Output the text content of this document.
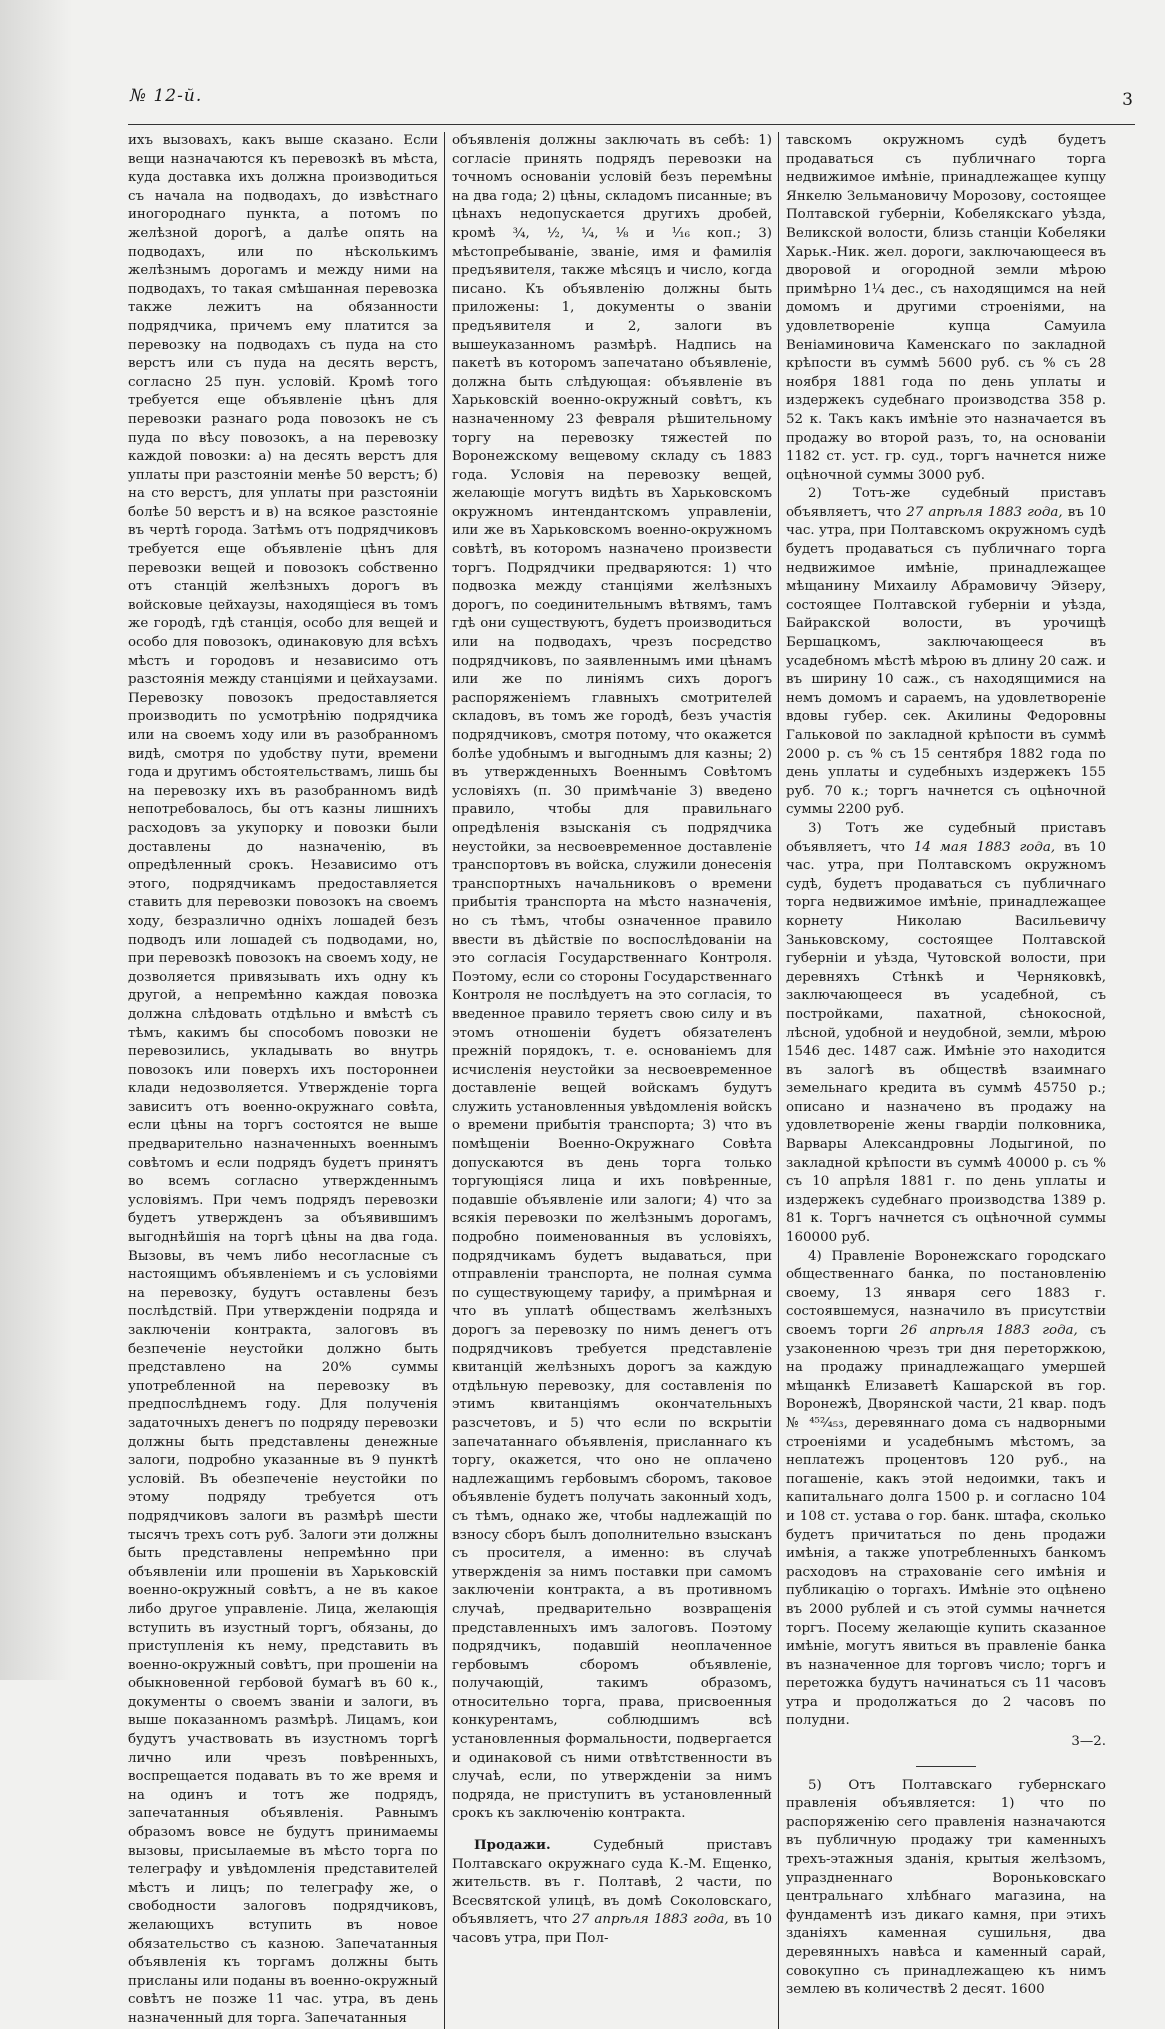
№ 12-й.	3

ихъ вызовахъ, какъ выше сказано. Если вещи назначаются къ перевозкѣ въ мѣста, куда доставка ихъ должна производиться съ начала на подводахъ, до извѣстнаго иногороднаго пункта, а потомъ по желѣзной дорогѣ, а далѣе опять на подводахъ, или по нѣсколькимъ желѣзнымъ дорогамъ и между ними на подводахъ, то такая смѣшанная перевозка также лежитъ на обязанности подрядчика, причемъ ему платится за перевозку на подводахъ съ пуда на сто верстъ или съ пуда на десять верстъ, согласно 25 пун. условій. Кромѣ того требуется еще объявленіе цѣнъ для перевозки разнаго рода повозокъ не съ пуда по вѣсу повозокъ, а на перевозку каждой повозки: а) на десять верстъ для уплаты при разстояніи менѣе 50 верстъ; б) на сто верстъ, для уплаты при разстояніи болѣе 50 верстъ и в) на всякое разстояніе въ чертѣ города. Затѣмъ отъ подрядчиковъ требуется еще объявленіе цѣнъ для перевозки вещей и повозокъ собственно отъ станцій желѣзныхъ дорогъ въ войсковые цейхаузы, находящіеся въ томъ же городѣ, гдѣ станція, особо для вещей и особо для повозокъ, одинаковую для всѣхъ мѣстъ и городовъ и независимо отъ разстоянія между станціями и цейхаузами. Перевозку повозокъ предоставляется производить по усмотрѣнію подрядчика или на своемъ ходу или въ разобранномъ видѣ, смотря по удобству пути, времени года и другимъ обстоятельствамъ, лишь бы на перевозку ихъ въ разобранномъ видѣ непотребовалось, бы отъ казны лишнихъ расходовъ за укупорку и повозки были доставлены до назначенію, въ опредѣленный срокъ. Независимо отъ этого, подрядчикамъ предоставляется ставить для перевозки повозокъ на своемъ ходу, безразлично одніхъ лошадей безъ подводъ или лошадей съ подводами, но, при перевозкѣ повозокъ на своемъ ходу, не дозволяется привязывать ихъ одну къ другой, а непремѣнно каждая повозка должна слѣдовать отдѣльно и вмѣстѣ съ тѣмъ, какимъ бы способомъ повозки не перевозились, укладывать во внутрь повозокъ или поверхъ ихъ постороннеи клади недозволяется. Утвержденіе торга зависитъ отъ военно-окружнаго совѣта, если цѣны на торгъ состоятся не выше предварительно назначенныхъ военнымъ совѣтомъ и если подрядъ будетъ принятъ во всемъ согласно утвержденнымъ условіямъ. При чемъ подрядъ перевозки будетъ утвержденъ за объявившимъ выгоднѣйшія на торгѣ цѣны на два года. Вызовы, въ чемъ либо несогласные съ настоящимъ объявленіемъ и съ условіями на перевозку, будутъ оставлены безъ послѣдствій. При утвержденіи подряда и заключеніи контракта, залоговъ въ безпеченіе неустойки должно быть представлено на 20% суммы употребленной на перевозку въ предпослѣднемъ году. Для полученія задаточныхъ денегъ по подряду перевозки должны быть представлены денежные залоги, подробно указанные въ 9 пунктѣ условій. Въ обезпеченіе неустойки по этому подряду требуется отъ подрядчиковъ залоги въ размѣрѣ шести тысячъ трехъ сотъ руб. Залоги эти должны быть представлены непремѣнно при объявленіи или прошеніи въ Харьковскій военно-окружный совѣтъ, а не въ какое либо другое управленіе. Лица, желающія вступить въ изустный торгъ, обязаны, до приступленія къ нему, представить въ военно-окружный совѣтъ, при прошеніи на обыкновенной гербовой бумагѣ въ 60 к., документы о своемъ званіи и залоги, въ выше показанномъ размѣрѣ. Лицамъ, кои будутъ участвовать въ изустномъ торгѣ лично или чрезъ повѣренныхъ, воспрещается подавать въ то же время и на одинъ и тотъ же подрядъ, запечатанныя объявленія. Равнымъ образомъ вовсе не будутъ принимаемы вызовы, присылаемые въ мѣсто торга по телеграфу и увѣдомленія представителей мѣстъ и лицъ; по телеграфу же, о свободности залоговъ подрядчиковъ, желающихъ вступить въ новое обязательство съ казною. Запечатанныя объявленія къ торгамъ должны быть присланы или поданы въ военно-окружный совѣтъ не позже 11 час. утра, въ день назначенный для торга. Запечатанныя

объявленія должны заключать въ себѣ: 1) согласіе принять подрядъ перевозки на точномъ основаніи условій безъ перемѣны на два года; 2) цѣны, складомъ писанные; въ цѣнахъ недопускается другихъ дробей, кромѣ ¾, ½, ¼, ⅛ и ¹⁄₁₆ коп.; 3) мѣстопребываніе, званіе, имя и фамилія предъявителя, также мѣсяцъ и число, когда писано. Къ объявленію должны быть приложены: 1, документы о званіи предъявителя и 2, залоги въ вышеуказанномъ размѣрѣ. Надпись на пакетѣ въ которомъ запечатано объявленіе, должна быть слѣдующая: объявленіе въ Харьковскій военно-окружный совѣтъ, къ назначенному 23 февраля рѣшительному торгу на перевозку тяжестей по Воронежскому вещевому складу съ 1883 года. Условія на перевозку вещей, желающіе могутъ видѣть въ Харьковскомъ окружномъ интендантскомъ управленіи, или же въ Харьковскомъ военно-окружномъ совѣтѣ, въ которомъ назначено произвести торгъ. Подрядчики предваряются: 1) что подвозка между станціями желѣзныхъ дорогъ, по соединительнымъ вѣтвямъ, тамъ гдѣ они существуютъ, будетъ производиться или на подводахъ, чрезъ посредство подрядчиковъ, по заявленнымъ ими цѣнамъ или же по линіямъ сихъ дорогъ распоряженіемъ главныхъ смотрителей складовъ, въ томъ же городѣ, безъ участія подрядчиковъ, смотря потому, что окажется болѣе удобнымъ и выгоднымъ для казны; 2) въ утвержденныхъ Военнымъ Совѣтомъ условіяхъ (п. 30 примѣчаніе 3) введено правило, чтобы для правильнаго опредѣленія взысканія съ подрядчика неустойки, за несвоевременное доставленіе транспортовъ въ войска, служили донесенія транспортныхъ начальниковъ о времени прибытія транспорта на мѣсто назначенія, но съ тѣмъ, чтобы означенное правило ввести въ дѣйствіе по воспослѣдованіи на это согласія Государственнаго Контроля. Поэтому, если со стороны Государственнаго Контроля не послѣдуетъ на это согласія, то введенное правило теряетъ свою силу и въ этомъ отношеніи будетъ обязателенъ прежній порядокъ, т. е. основаніемъ для исчисленія неустойки за несвоевременное доставленіе вещей войскамъ будутъ служить установленныя увѣдомленія войскъ о времени прибытія транспорта; 3) что въ помѣщеніи Военно-Окружнаго Совѣта допускаются въ день торга только торгующіяся лица и ихъ повѣренные, подавшіе объявленіе или залоги; 4) что за всякія перевозки по желѣзнымъ дорогамъ, подробно поименованныя въ условіяхъ, подрядчикамъ будетъ выдаваться, при отправленіи транспорта, не полная сумма по существующему тарифу, а примѣрная и что въ уплатѣ обществамъ желѣзныхъ дорогъ за перевозку по нимъ денегъ отъ подрядчиковъ требуется представленіе квитанцій желѣзныхъ дорогъ за каждую отдѣльную перевозку, для составленія по этимъ квитанціямъ окончательныхъ разсчетовъ, и 5) что если по вскрытіи запечатаннаго объявленія, присланнаго къ торгу, окажется, что оно не оплачено надлежащимъ гербовымъ сборомъ, таковое объявленіе будетъ получать законный ходъ, съ тѣмъ, однако же, чтобы надлежащій по взносу сборъ былъ дополнительно взысканъ съ просителя, а именно: въ случаѣ утвержденія за нимъ поставки при самомъ заключеніи контракта, а въ противномъ случаѣ, предварительно возвращенія представленныхъ имъ залоговъ. Поэтому подрядчикъ, подавшій неоплаченное гербовымъ сборомъ объявленіе, получающій, такимъ образомъ, относительно торга, права, присвоенныя конкурентамъ, соблюдшимъ всѣ установленныя формальности, подвергается и одинаковой съ ними отвѣтственности въ случаѣ, если, по утвержденіи за нимъ подряда, не приступитъ въ установленный срокъ къ заключенію контракта.

Продажи.	Судебный приставъ Полтавскаго окружнаго суда К.-М. Ещенко, жительств. въ г. Полтавѣ, 2 части, по Всесвятской улицѣ, въ домѣ Соколовскаго, объявляетъ, что 27 апрѣля 1883 года, въ 10 часовъ утра, при Пол-

тавскомъ окружномъ судѣ будетъ продаваться съ публичнаго торга недвижимое имѣніе, принадлежащее купцу Янкелю Зельмановичу Морозову, состоящее Полтавской губерніи, Кобелякскаго уѣзда, Великской волости, близь станціи Кобеляки Харьк.-Ник. жел. дороги, заключающееся въ дворовой и огородной земли мѣрою примѣрно 1¼ дес., съ находящимся на ней домомъ и другими строеніями, на удовлетвореніе купца Самуила Веніаминовича Каменскаго по закладной крѣпости въ суммѣ 5600 руб. съ % съ 28 ноября 1881 года по день уплаты и издержекъ судебнаго производства 358 р. 52 к. Такъ какъ имѣніе это назначается въ продажу во второй разъ, то, на основаніи 1182 ст. уст. гр. суд., торгъ начнется ниже оцѣночной суммы 3000 руб.

2) Тотъ-же судебный приставъ объявляетъ, что 27 апрѣля 1883 года, въ 10 час. утра, при Полтавскомъ окружномъ судѣ будетъ продаваться съ публичнаго торга недвижимое имѣніе, принадлежащее мѣщанину Михаилу Абрамовичу Эйзеру, состоящее Полтавской губерніи и уѣзда, Байракской волости, въ урочищѣ Бершацкомъ, заключающееся въ усадебномъ мѣстѣ мѣрою въ длину 20 саж. и въ ширину 10 саж., съ находящимися на немъ домомъ и сараемъ, на удовлетвореніе вдовы губер. сек. Акилины Федоровны Гальковой по закладной крѣпости въ суммѣ 2000 р. съ % съ 15 сентября 1882 года по день уплаты и судебныхъ издержекъ 155 руб. 70 к.; торгъ начнется съ оцѣночной суммы 2200 руб.

3) Тотъ же судебный приставъ объявляетъ, что 14 мая 1883 года, въ 10 час. утра, при Полтавскомъ окружномъ судѣ, будетъ продаваться съ публичнаго торга недвижимое имѣніе, принадлежащее корнету Николаю Васильевичу Заньковскому, состоящее Полтавской губерніи и уѣзда, Чутовской волости, при деревняхъ Стѣнкѣ и Черняковкѣ, заключающееся въ усадебной, съ постройками, пахатной, сѣнокосной, лѣсной, удобной и неудобной, земли, мѣрою 1546 дес. 1487 саж. Имѣніе это находится въ залогѣ въ обществѣ взаимнаго земельнаго кредита въ суммѣ 45750 р.; описано и назначено въ продажу на удовлетвореніе жены гвардіи полковника, Варвары Александровны Лодыгиной, по закладной крѣпости въ суммѣ 40000 р. съ % съ 10 апрѣля 1881 г. по день уплаты и издержекъ судебнаго производства 1389 р. 81 к. Торгъ начнется съ оцѣночной суммы 160000 руб.

4) Правленіе Воронежскаго городскаго общественнаго банка, по постановленію своему, 13 января сего 1883 г. состоявшемуся, назначило въ присутствіи своемъ торги 26 апрѣля 1883 года, съ узаконенною чрезъ три дня переторжкою, на продажу принадлежащаго умершей мѣщанкѣ Елизаветѣ Кашарской въ гор. Воронежѣ, Дворянской части, 21 квар. подъ № ⁴⁵²⁄₄₅₃, деревяннаго дома съ надворными строеніями и усадебнымъ мѣстомъ, за неплатежъ процентовъ 120 руб., на погашеніе, какъ этой недоимки, такъ и капитальнаго долга 1500 р. и согласно 104 и 108 ст. устава о гор. банк. штафа, сколько будетъ причитаться по день продажи имѣнія, а также употребленныхъ банкомъ расходовъ на страхованіе сего имѣнія и публикацію о торгахъ. Имѣніе это оцѣнено въ 2000 рублей и съ этой суммы начнется торгъ. Посему желающіе купить сказанное имѣніе, могутъ явиться въ правленіе банка въ назначенное для торговъ число; торгъ и перетожка будутъ начинаться съ 11 часовъ утра и продолжаться до 2 часовъ по полудни.

3—2.

5) Отъ Полтавскаго губернскаго правленія объявляется: 1) что по распоряженію сего правленія назначаются въ публичную продажу три каменныхъ трехъ-этажныя зданія, крытыя желѣзомъ, упраздненнаго Вороньковскаго центральнаго хлѣбнаго магазина, на фундаментѣ изъ дикаго камня, при этихъ зданіяхъ каменная сушильня, два деревянныхъ навѣса и каменный сарай, совокупно съ принадлежащею къ нимъ землею въ количествѣ 2 десят. 1600
